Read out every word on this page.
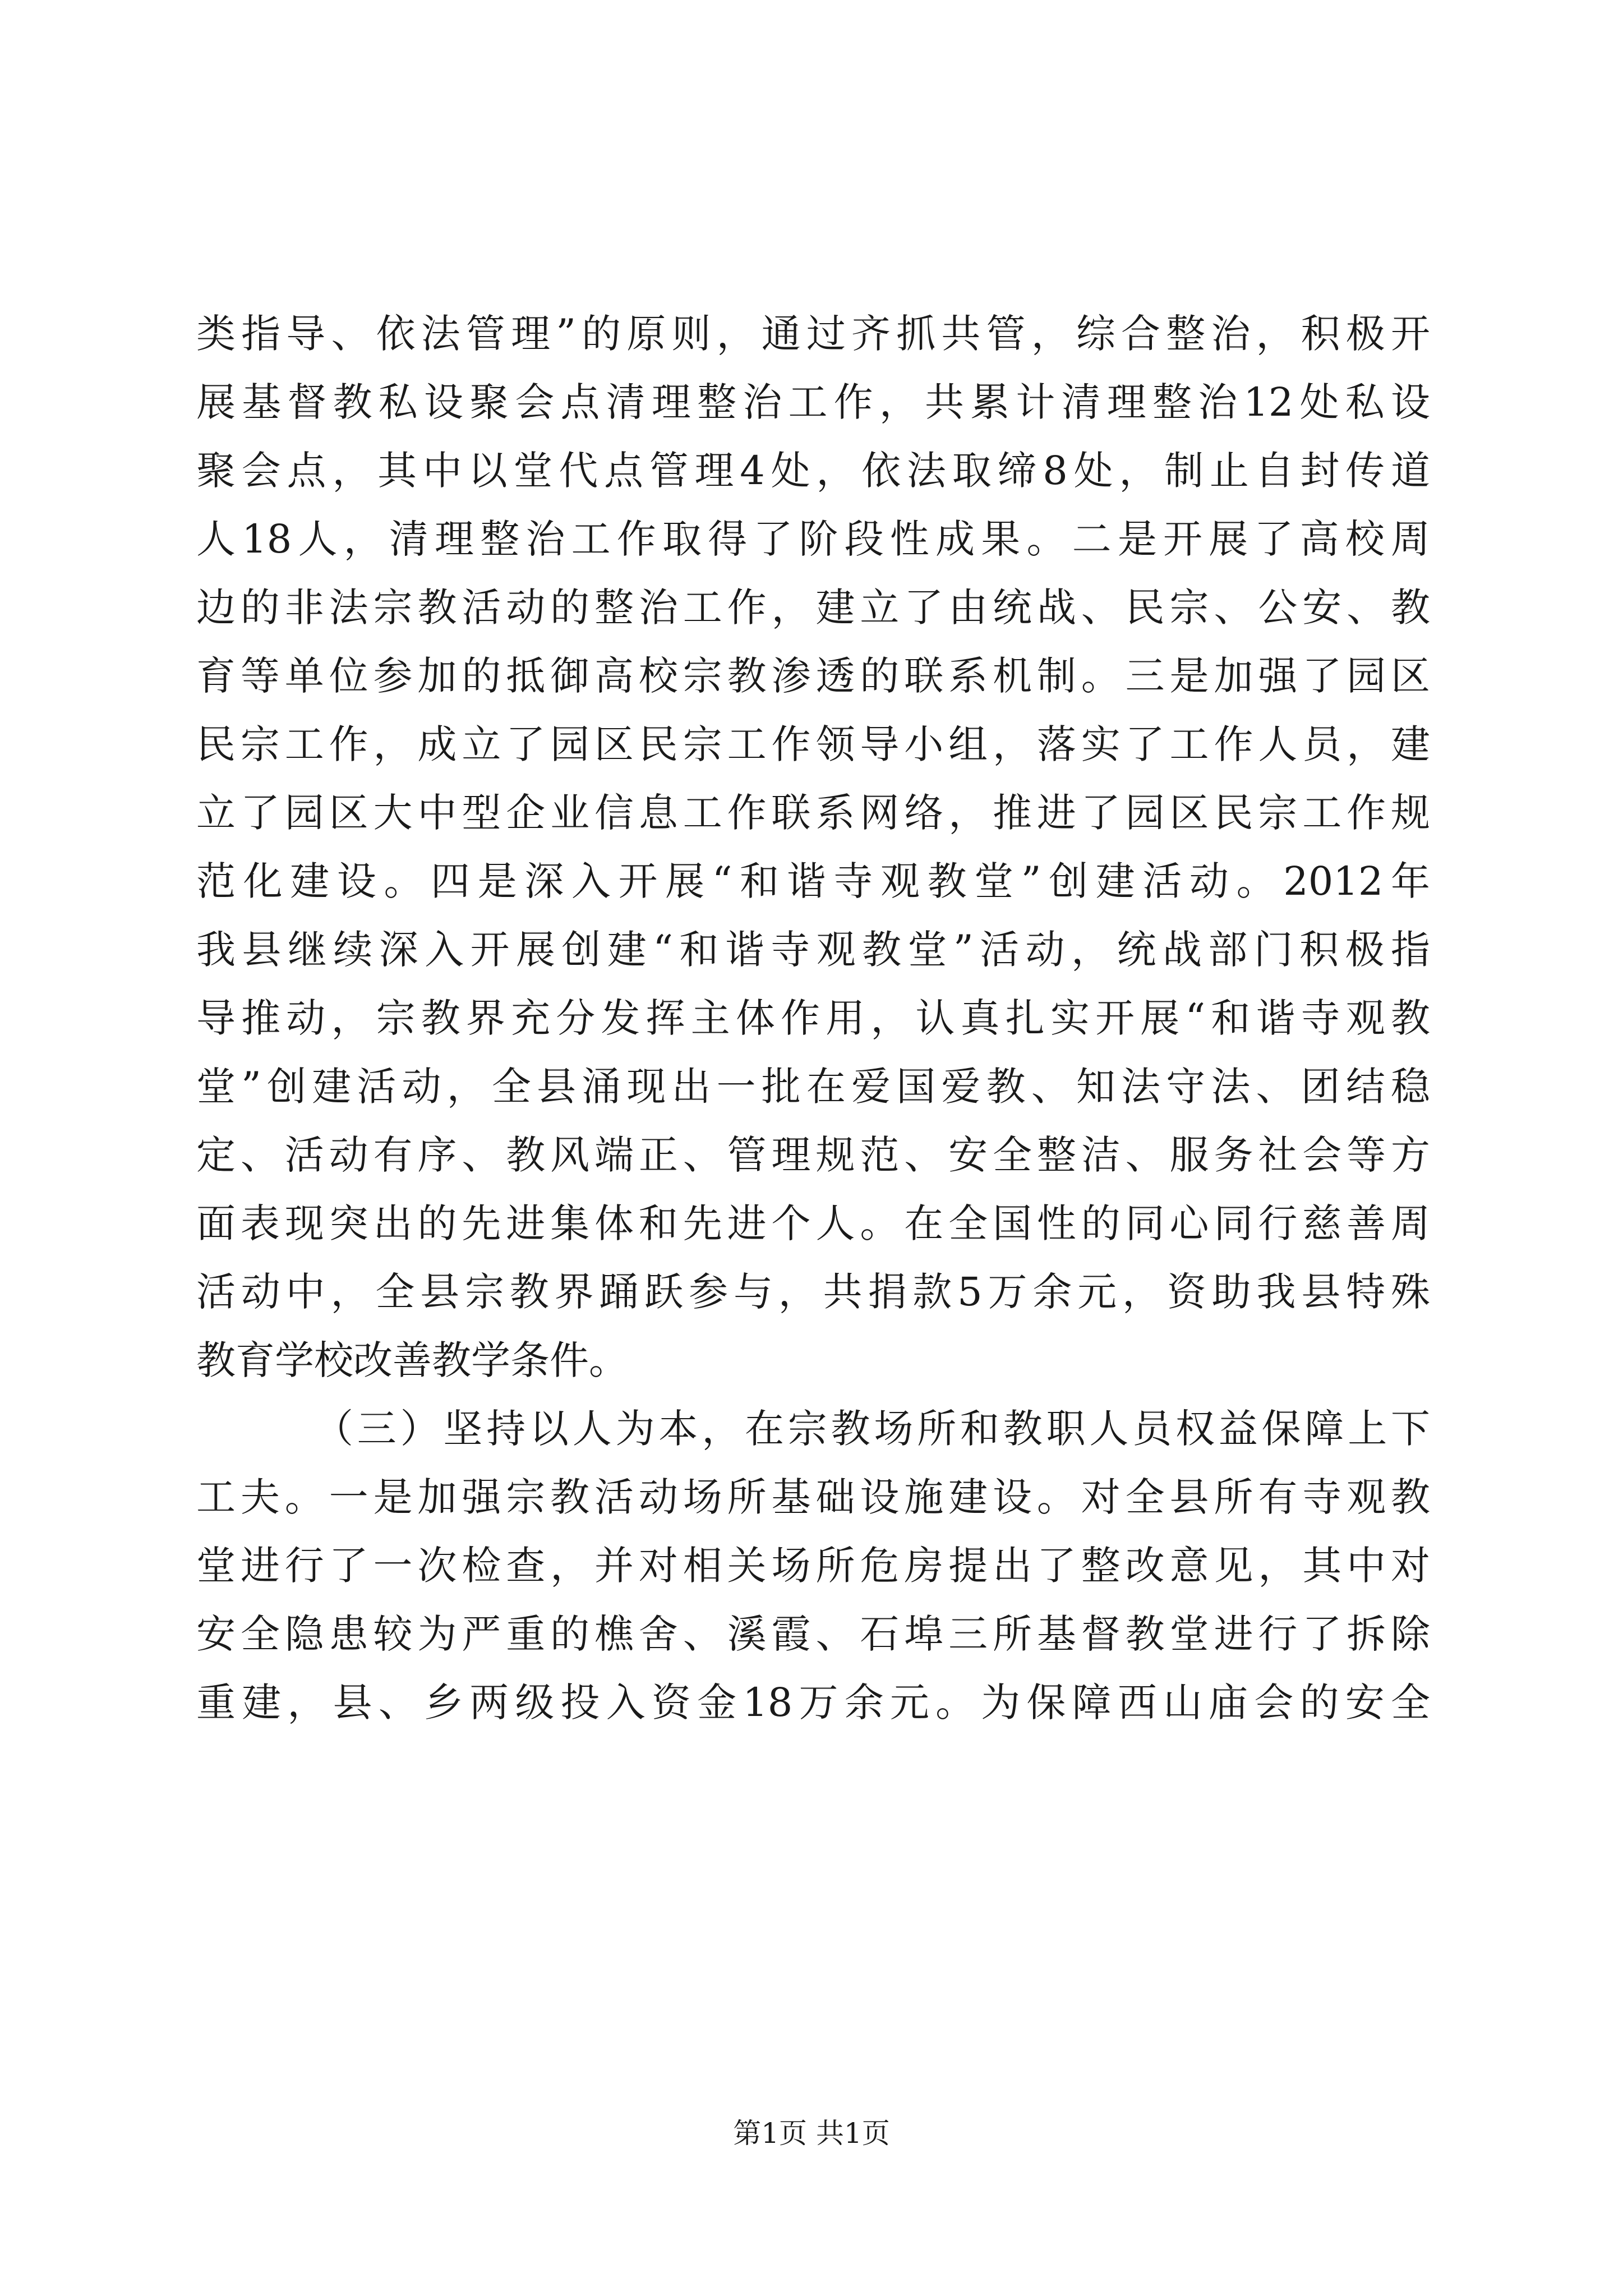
类指导、依法管理”的原则，通过齐抓共管，综合整治，积极开
展基督教私设聚会点清理整治工作，共累计清理整治12处私设
聚会点，其中以堂代点管理4处，依法取缔8处，制止自封传道
人18人，清理整治工作取得了阶段性成果。二是开展了高校周
边的非法宗教活动的整治工作，建立了由统战、民宗、公安、教
育等单位参加的抵御高校宗教渗透的联系机制。三是加强了园区
民宗工作，成立了园区民宗工作领导小组，落实了工作人员，建
立了园区大中型企业信息工作联系网络，推进了园区民宗工作规
范化建设。四是深入开展“和谐寺观教堂”创建活动。2012年
我县继续深入开展创建“和谐寺观教堂”活动，统战部门积极指
导推动，宗教界充分发挥主体作用，认真扎实开展“和谐寺观教
堂”创建活动，全县涌现出一批在爱国爱教、知法守法、团结稳
定、活动有序、教风端正、管理规范、安全整洁、服务社会等方
面表现突出的先进集体和先进个人。在全国性的同心同行慈善周
活动中，全县宗教界踊跃参与，共捐款5万余元，资助我县特殊
教育学校改善教学条件。
（三）坚持以人为本，在宗教场所和教职人员权益保障上下
工夫。一是加强宗教活动场所基础设施建设。对全县所有寺观教
堂进行了一次检查，并对相关场所危房提出了整改意见，其中对
安全隐患较为严重的樵舍、溪霞、石埠三所基督教堂进行了拆除
重建，县、乡两级投入资金18万余元。为保障西山庙会的安全
第1页 共1页
